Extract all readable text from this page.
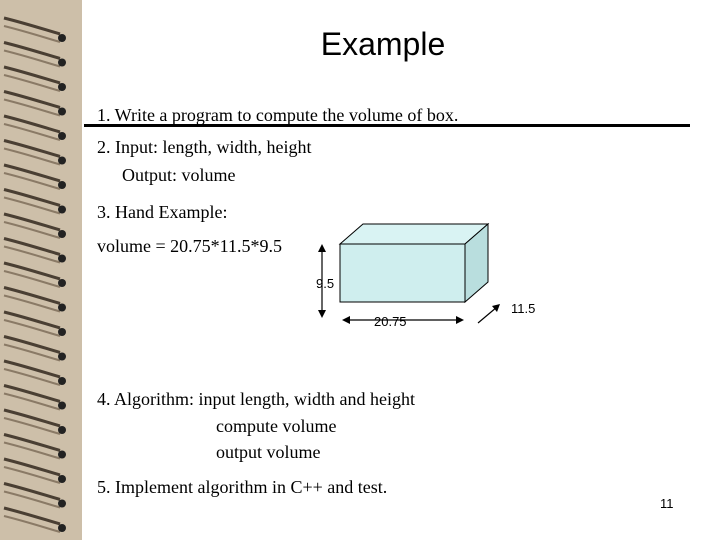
Example
1. Write a program to compute the volume of box.
2. Input: length, width, height
Output: volume
3. Hand Example:
volume = 20.75*11.5*9.5
9.5
20.75
11.5
4. Algorithm: input length, width and height
compute volume
output volume
5. Implement algorithm in C++ and test.
11
